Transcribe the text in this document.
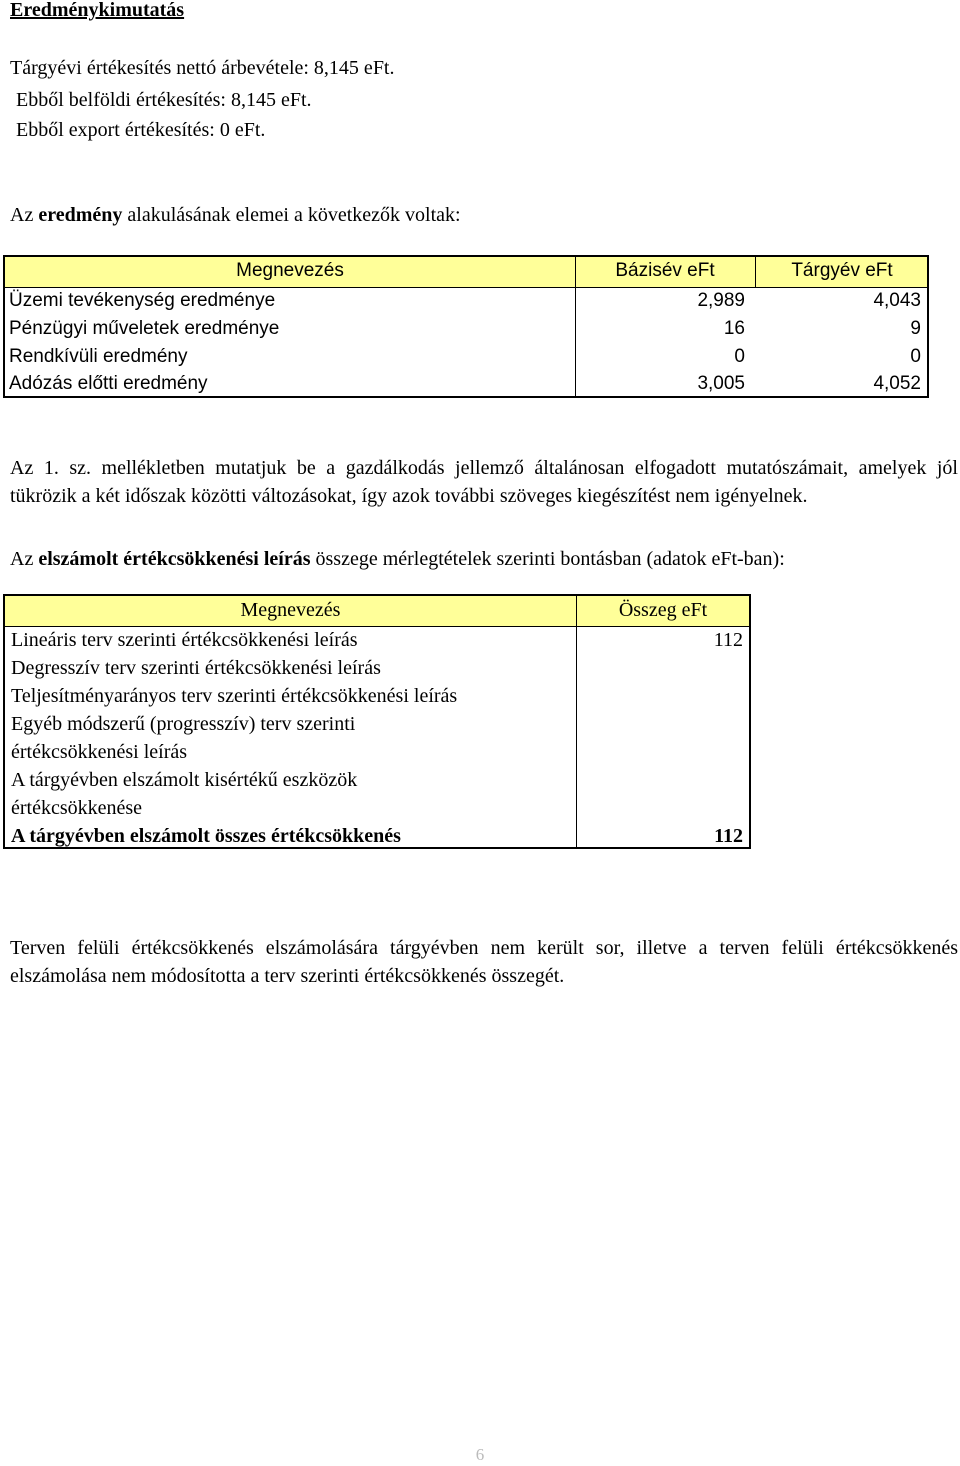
Eredménykimutatás
Tárgyévi értékesítés nettó árbevétele: 8,145 eFt.
Ebből belföldi értékesítés: 8,145 eFt.
Ebből export értékesítés: 0 eFt.
Az eredmény alakulásának elemei a következők voltak:
Megnevezés	Bázisév eFt	Tárgyév eFt
Üzemi tevékenység eredménye	2,989	4,043
Pénzügyi műveletek eredménye	16	9
Rendkívüli eredmény	0	0
Adózás előtti eredmény	3,005	4,052
Az 1. sz. mellékletben mutatjuk be a gazdálkodás jellemző általánosan elfogadott mutatószámait, amelyek jól tükrözik a két időszak közötti változásokat, így azok további szöveges kiegészítést nem igényelnek.
Az elszámolt értékcsökkenési leírás összege mérlegtételek szerinti bontásban (adatok eFt-ban):
Megnevezés	Összeg eFt
Lineáris terv szerinti értékcsökkenési leírás	112
Degresszív terv szerinti értékcsökkenési leírás
Teljesítményarányos terv szerinti értékcsökkenési leírás
Egyéb módszerű (progresszív) terv szerinti
értékcsökkenési leírás
A tárgyévben elszámolt kisértékű eszközök
értékcsökkenése
A tárgyévben elszámolt összes értékcsökkenés	112
Terven felüli értékcsökkenés elszámolására tárgyévben nem került sor, illetve a terven felüli értékcsökkenés elszámolása nem módosította a terv szerinti értékcsökkenés összegét.
6
